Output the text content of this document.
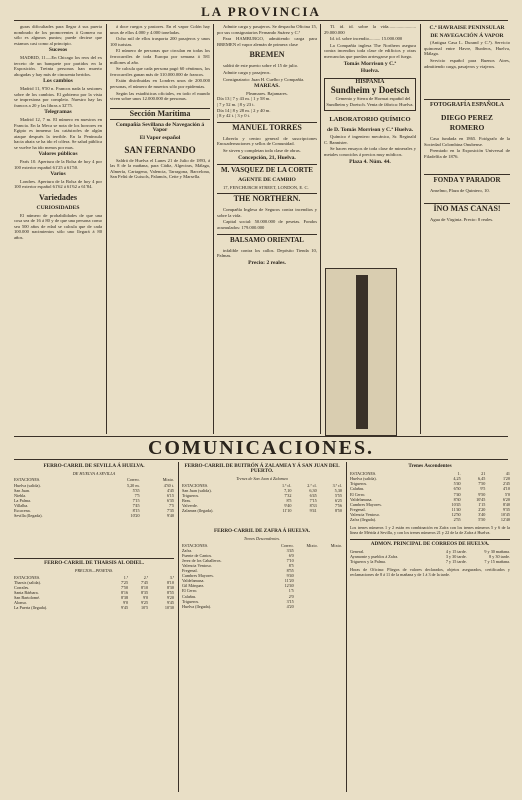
LA PROVINCIA

guras dificultades para llegar á sus puerta nombrado de los promoventes á Gomera no sólo es algunos puntos; puede decirse que estamos casi como al principio.

Sucesos

MADRID, 11.—En Chicago los reos del ex terceto de un banquete por partidos en la Exposición. Treinta personas han muerto ahogadas y hay más de cincuenta heridos.

Los cambios

Madrid 11, 9'50 n. Francos nada la sesiones sobre de los cambios. El gobierno por la vista se impresiona por completo. Nuestro hay las francos a 20 y las libras a 32'75.

Telegramas

Madrid 12, 7 m. El número en nuestros en Francia. En la Meca se nota de los horrores en Egipto es inmenso las catástrofes de algún ataque después la terrible. En la Península hacia abaix se ha ido el cólera. Se salud pública se vuelve ha ido menos por mas.

Valores públicos

París 10. Apertura de la Bolsa de hoy 4 por 100 exterior español 61'25 á 61'50.

Varios

Londres. Apertura de la Bolsa de hoy 4 por 100 exterior español 61'62 á 61'62 a 61'84.

Variedades
CURIOSIDADES

El número de probabilidades de que una cosa sea de 16 á 80 y de que una persona como sea 500 años de edad se calcula que de cada 100.000 nacimientos sólo uno llegará á 80 años.

á doce ruegos y pastores. En el vapor Colón hay unos de ellos 4.000 y 4.000 toneladas.

Ocho mil de ellos trasporta 200 pasajeros y unos 100 turistas.

El número de personas que circulan en todas los ferrocarriles de toda Europa por semana á 581 millones al año.

Se calcula que cada persona pagó 60 céntimos, los ferrocarriles ganan más de 310.000.000 de francos.

Están distribuidas en Londres unos de 200.000 personas, el número de muertos sólo por epidemias.

Según las estadísticas oficiales, en todo el mundo viven sobre unos 12.000.000 de personas.

Sección Marítima
Compañía Sevillana de Navegación á Vapor
El Vapor español
SAN FERNANDO

Saldrá de Huelva el Lunes 21 de Julio de 1893, á las 8 de la mañana, para Cádiz, Algeciras, Málaga, Almería, Cartagena, Valencia, Tarragona, Barcelona, San Feliú de Guixols, Palamós, Cette y Marsella.

Admite carga y pasajeros. Se despacha Oficina 15, por sus consignatarios Fernando Suárez y C.ª

Para HAMBURGO, admitiendo carga para BREMEN el vapor alemán de primera clase

BREMEN

saldrá de este puerto sobre el 15 de julio.

Admite carga y pasajeros.

Consignatario: Juan H. Cuelbo y Compañía.

MAREAS.
Pleamares. Bajamares.
Día 13 | 7 y 43 m. | 1 y 58 m.
| 7 y 52 m. | 8 y 23 t.
Día 14 | 8 y 28 m. | 2 y 40 m.
| 8 y 42 t. | 3 y 0 t.
MANUEL TORRES

Librería y centro general de suscripciones Encuadernaciones y sellos de Comunidad.

Se sirven y completan toda clase de obras.

Concepción, 21, Huelva.
M. VASQUEZ DE LA CORTE
AGENTE DE CAMBIO

17, FENCHURCH STREET, LONDON, E. C.

THE NORTHERN.

Compañía Inglesa de Seguros contra incendios y sobre la vida.

Capital social: 50.000.000 de pesetas. Fondos acumulados: 179.000.000

BALSAMO ORIENTAL

infalible contra los callos. Depósito Tienda 10, Palmas.

Precio: 2 reales.

Tl. id. id. sobre la vida........................ 29.000.000

Id. id. sobre incendio.......... 15.000.000

La Compañía inglesa The Northern asegura contra incendios toda clase de edificios y otras mercancías que puedan arriesgarse por el fuego.

Tomás Morrison y C.ª
Huelva.
HISPANIA
Sundheim y Doetsch

Cemento y Sierra de Hormat español del Sundheim y Doetsch. Venta de fábrica: Huelva.

LABORATORIO QUÍMICO
de D. Tomás Morrison y C.ª Huelva.

Químico é ingeniero mecánico, Sr. Reginald C. Bannister.

Se hacen ensayos de toda clase de minerales y metales conocidos á precios muy módicos.

Plaza 4. Núm. 44.
C.ª HAVRAISE PENINSULAR
DE NAVEGACIÓN Á VAPOR

(Antigua Casa L. Durand y C.ª). Servicio quincenal entre Havre, Burdeos, Huelva, Málaga.

Servicio español para Buenos Aires, admitiendo carga, pasajeros y viajeros.

FOTOGRAFÍA ESPAÑOLA
DIEGO PEREZ ROMERO

Casa fundada en 1865. Fotógrafo de la Sociedad Colombina Onubense.

Premiado en la Exposición Universal de Filadelfia de 1876.

FONDA Y PARADOR

Anselmo, Plaza de Quintero, 10.

ÍNO MAS CANAS!

Agua de Virginia. Precio: 8 reales.

COMUNICACIONES.
FERRO-CARRIL DE SEVILLA Á HUELVA.
DE HUELVA A SEVILLA
ESTACIONES.	Correo.	Mixto.
Huelva (salida).	5,20 m.	4'30 t.
San Juan.	5'35	4'45
Niebla.	7'5	6'15
La Palma.	7'15	6'35
Villalba.	7'45	7'5
Escacena.	8'15	7'35
Sevilla (llegada).	10'20	9'40
FERRO-CARRIL DE THARSIS AL ODIEL.
PRECIOS—PESETAS.
ESTACIONES.	1.ª	2.ª	3.ª
Tharsis (salida).	7'25	7'45	8'10
Corrales.	7'50	8'10	8'30
Santa Bárbara.	8'16	8'35	8'55
San Bartolomé.	8'38	9'0	9'20
Alonso.	9'0	9'25	9'45
La Puerta (llegada).	9'45	10'5	10'30
FERRO-CARRIL DE BUITRÓN Á ZALAMEA Y Á SAN JUAN DEL PUERTO.
Trenes de San Juan á Zalamea
ESTACIONES.	1.ª cl.	2.ª cl.	3.ª cl.
San Juan (salida).	7,10	6,30	5,30
Trigueros.	7'32	6'45	5'55
Beas.	8'5	7'15	6'25
Valverde.	9'40	8'33	7'56
Zalamea (llegada).	11'10	9'41	8'50
FERRO-CARRIL DE ZAFRA Á HUELVA.
Trenes Descendentes.
ESTACIONES.	Correo.	Mixto.	Mixto.
Zafra.	3'45		
Fuente de Cantos.	6'0		
Jerez de los Caballeros.	7'10		
Valencia Ventoso.	8'5		
Fregenal.	8'55		
Cumbres Mayores.	9'40		
Valdelamusa.	11'20		
Gil Márquez.	12'40		
El Cerro.	1'5		
Calañas.	2'0		
Trigueros.	3'15		
Huelva (llegada).	4'20		
Trenes Ascendentes
ESTACIONES.	1.	21	41
Huelva (salida).	4,25	6,45	1'20
Trigueros.	5'40	7'50	2'45
Calañas.	6'50	9'5	4'10
El Cerro.	7'40	9'50	5'0
Valdelamusa.	8'30	10'45	6'20
Cumbres Mayores.	10'45	1'15	8'40
Fregenal.	11'40	2'20	9'35
Valencia Ventoso.	12'50	3'40	10'45
Zafra (llegada).	2'55	5'50	12'40

Los trenes números 1 y 2 están en combinación en Zafra con los trenes números 5 y 6 de la línea de Mérida á Sevilla, y con los trenes números 21 y 22 de la de Zafra á Huelva.

ADMON. PRINCIPAL DE CORREOS DE HUELVA.
General.	4 y 15 tarde.	9 y 30 mañana.
Ayamonte y pueblos á Zafra.	3 y 30 tarde.	8 y 30 tarde.
Trigueros y la Palma.	7 y 15 tarde.	7 y 15 mañana.

Horas de Oficina: Pliegos de valores declarados, objetos asegurados, certificados y reclamaciones de 8 á 11 de la mañana y de 1 á 3 de la tarde.
